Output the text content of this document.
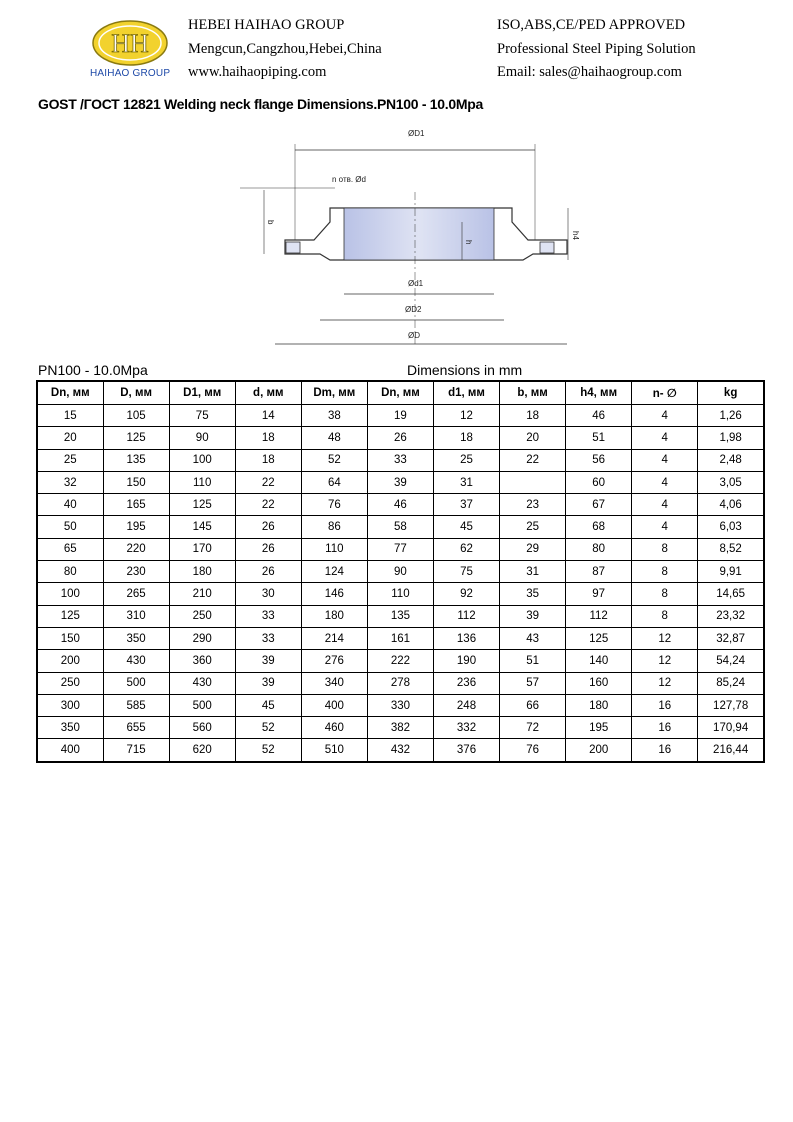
HH
HAIHAO GROUP
HEBEI HAIHAO GROUP
Mengcun,Cangzhou,Hebei,China
www.haihaopiping.com
ISO,ABS,CE/PED APPROVED
Professional Steel Piping Solution
Email: sales@haihaogroup.com
GOST /ГОСТ 12821 Welding neck flange Dimensions.PN100 - 10.0Mpa
ØD1
n отв. Ød
b
h
h4
Ød1
ØD2
ØD
PN100 - 10.0Mpa	Dimensions in mm
Dn, мм	D, мм	D1, мм	d, мм	Dm, мм	Dn, мм	d1, мм	b, мм	h4, мм	n- ∅	kg
15	105	75	14	38	19	12	18	46	4	1,26
20	125	90	18	48	26	18	20	51	4	1,98
25	135	100	18	52	33	25	22	56	4	2,48
32	150	110	22	64	39	31		60	4	3,05
40	165	125	22	76	46	37	23	67	4	4,06
50	195	145	26	86	58	45	25	68	4	6,03
65	220	170	26	110	77	62	29	80	8	8,52
80	230	180	26	124	90	75	31	87	8	9,91
100	265	210	30	146	110	92	35	97	8	14,65
125	310	250	33	180	135	112	39	112	8	23,32
150	350	290	33	214	161	136	43	125	12	32,87
200	430	360	39	276	222	190	51	140	12	54,24
250	500	430	39	340	278	236	57	160	12	85,24
300	585	500	45	400	330	248	66	180	16	127,78
350	655	560	52	460	382	332	72	195	16	170,94
400	715	620	52	510	432	376	76	200	16	216,44
